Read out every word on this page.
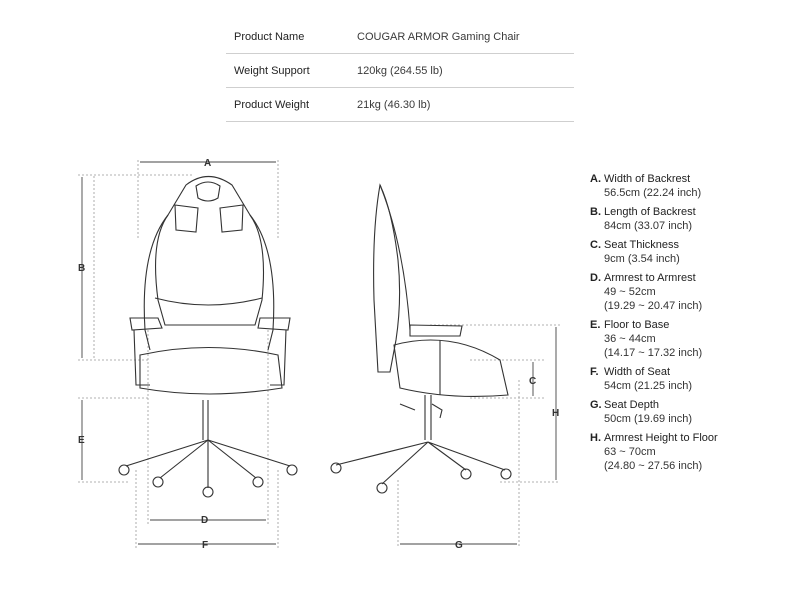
Product Name	COUGAR ARMOR Gaming Chair
Weight Support	120kg (264.55 lb)
Product Weight	21kg (46.30 lb)
A
B
C
D
E
F	G
H
A. Width of Backrest
56.5cm (22.24 inch)
B. Length of Backrest
84cm (33.07 inch)
C. Seat Thickness
9cm (3.54 inch)
D. Armrest to Armrest
49 ~ 52cm
(19.29 ~ 20.47 inch)
E. Floor to Base
36 ~ 44cm
(14.17 ~ 17.32 inch)
F. Width of Seat
54cm (21.25 inch)
G. Seat Depth
50cm (19.69 inch)
H. Armrest Height to Floor
63 ~ 70cm
(24.80 ~ 27.56 inch)
